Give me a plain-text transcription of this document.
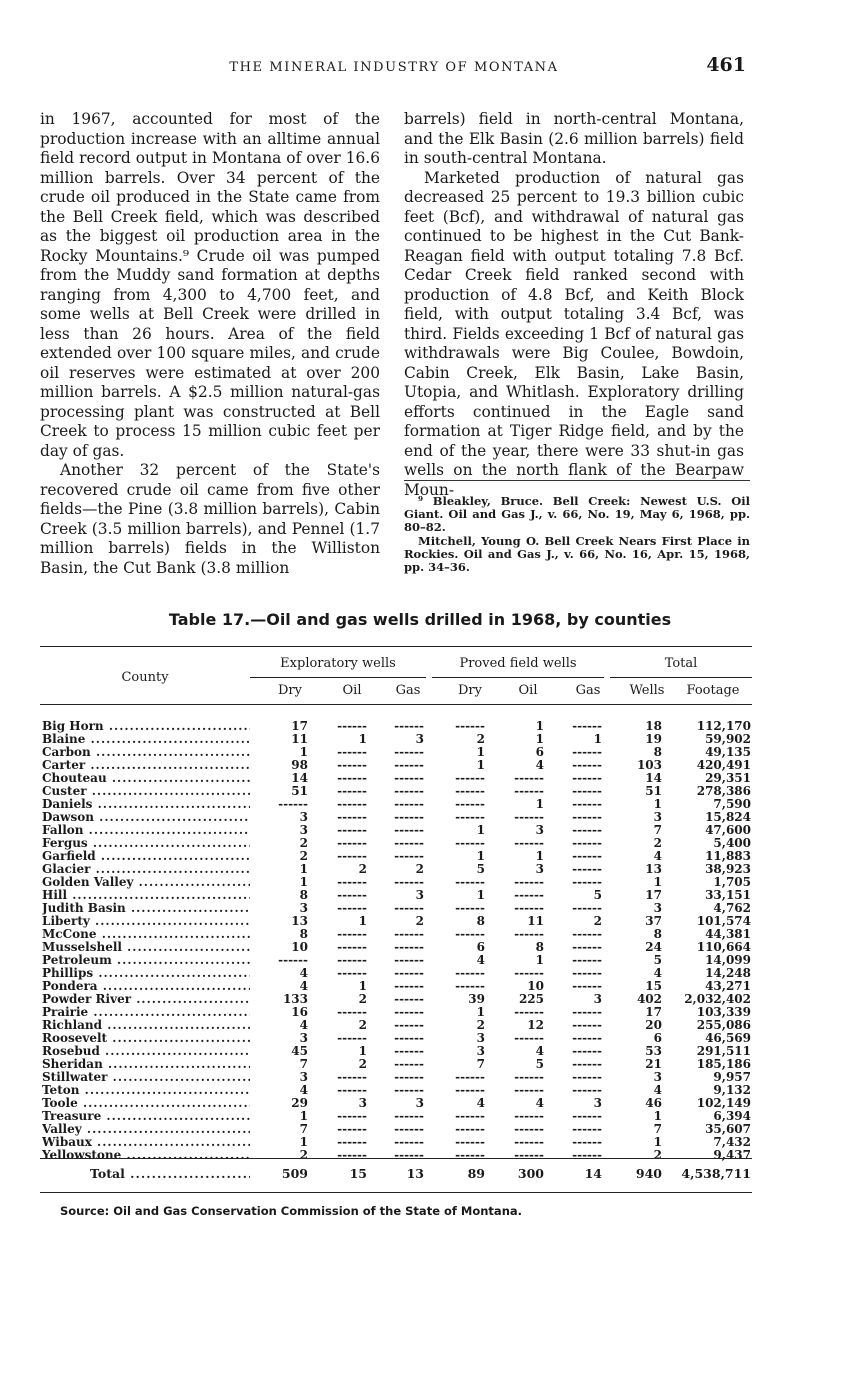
THE MINERAL INDUSTRY OF MONTANA	461

in 1967, accounted for most of the production increase with an alltime annual field record output in Montana of over 16.6 million barrels. Over 34 percent of the crude oil produced in the State came from the Bell Creek field, which was described as the biggest oil production area in the Rocky Mountains.⁹ Crude oil was pumped from the Muddy sand formation at depths ranging from 4,300 to 4,700 feet, and some wells at Bell Creek were drilled in less than 26 hours. Area of the field extended over 100 square miles, and crude oil reserves were estimated at over 200 million barrels. A $2.5 million natural-gas processing plant was constructed at Bell Creek to process 15 million cubic feet per day of gas.

Another 32 percent of the State's recovered crude oil came from five other fields—the Pine (3.8 million barrels), Cabin Creek (3.5 million barrels), and Pennel (1.7 million barrels) fields in the Williston Basin, the Cut Bank (3.8 million

barrels) field in north-central Montana, and the Elk Basin (2.6 million barrels) field in south-central Montana.

Marketed production of natural gas decreased 25 percent to 19.3 billion cubic feet (Bcf), and withdrawal of natural gas continued to be highest in the Cut Bank-Reagan field with output totaling 7.8 Bcf. Cedar Creek field ranked second with production of 4.8 Bcf, and Keith Block field, with output totaling 3.4 Bcf, was third. Fields exceeding 1 Bcf of natural gas withdrawals were Big Coulee, Bowdoin, Cabin Creek, Elk Basin, Lake Basin, Utopia, and Whitlash. Exploratory drilling efforts continued in the Eagle sand formation at Tiger Ridge field, and by the end of the year, there were 33 shut-in gas wells on the north flank of the Bearpaw Moun-

⁹ Bleakley, Bruce. Bell Creek: Newest U.S. Oil Giant. Oil and Gas J., v. 66, No. 19, May 6, 1968, pp. 80–82.

Mitchell, Young O. Bell Creek Nears First Place in Rockies. Oil and Gas J., v. 66, No. 16, Apr. 15, 1968, pp. 34–36.

Table 17.—Oil and gas wells drilled in 1968, by counties
County
Exploratory wells	Proved field wells	Total
Dry	Oil	Gas	Dry	Oil	Gas	Wells	Footage
Big Horn .....	17	------	------	------	1	------	18	112,170
Blaine .....	11	1	3	2	1	1	19	59,902
Carbon .....	1	------	------	1	6	------	8	49,135
Carter .....	98	------	------	1	4	------	103	420,491
Chouteau .....	14	------	------	------	------	------	14	29,351
Custer .....	51	------	------	------	------	------	51	278,386
Daniels .....	------	------	------	------	1	------	1	7,590
Dawson .....	3	------	------	------	------	------	3	15,824
Fallon .....	3	------	------	1	3	------	7	47,600
Fergus .....	2	------	------	------	------	------	2	5,400
Garfield .....	2	------	------	1	1	------	4	11,883
Glacier .....	1	2	2	5	3	------	13	38,923
Golden Valley .....	1	------	------	------	------	------	1	1,705
Hill .....	8	------	3	1	------	5	17	33,151
Judith Basin .....	3	------	------	------	------	------	3	4,762
Liberty .....	13	1	2	8	11	2	37	101,574
McCone .....	8	------	------	------	------	------	8	44,381
Musselshell .....	10	------	------	6	8	------	24	110,664
Petroleum .....	------	------	------	4	1	------	5	14,099
Phillips .....	4	------	------	------	------	------	4	14,248
Pondera .....	4	1	------	------	10	------	15	43,271
Powder River .....	133	2	------	39	225	3	402	2,032,402
Prairie .....	16	------	------	1	------	------	17	103,339
Richland .....	4	2	------	2	12	------	20	255,086
Roosevelt .....	3	------	------	3	------	------	6	46,569
Rosebud .....	45	1	------	3	4	------	53	291,511
Sheridan .....	7	2	------	7	5	------	21	185,186
Stillwater .....	3	------	------	------	------	------	3	9,957
Teton .....	4	------	------	------	------	------	4	9,132
Toole .....	29	3	3	4	4	3	46	102,149
Treasure .....	1	------	------	------	------	------	1	6,394
Valley .....	7	------	------	------	------	------	7	35,607
Wibaux .....	1	------	------	------	------	------	1	7,432
Yellowstone .....	2	------	------	------	------	------	2	9,437
Total .....	509	15	13	89	300	14	940	4,538,711
Source: Oil and Gas Conservation Commission of the State of Montana.
